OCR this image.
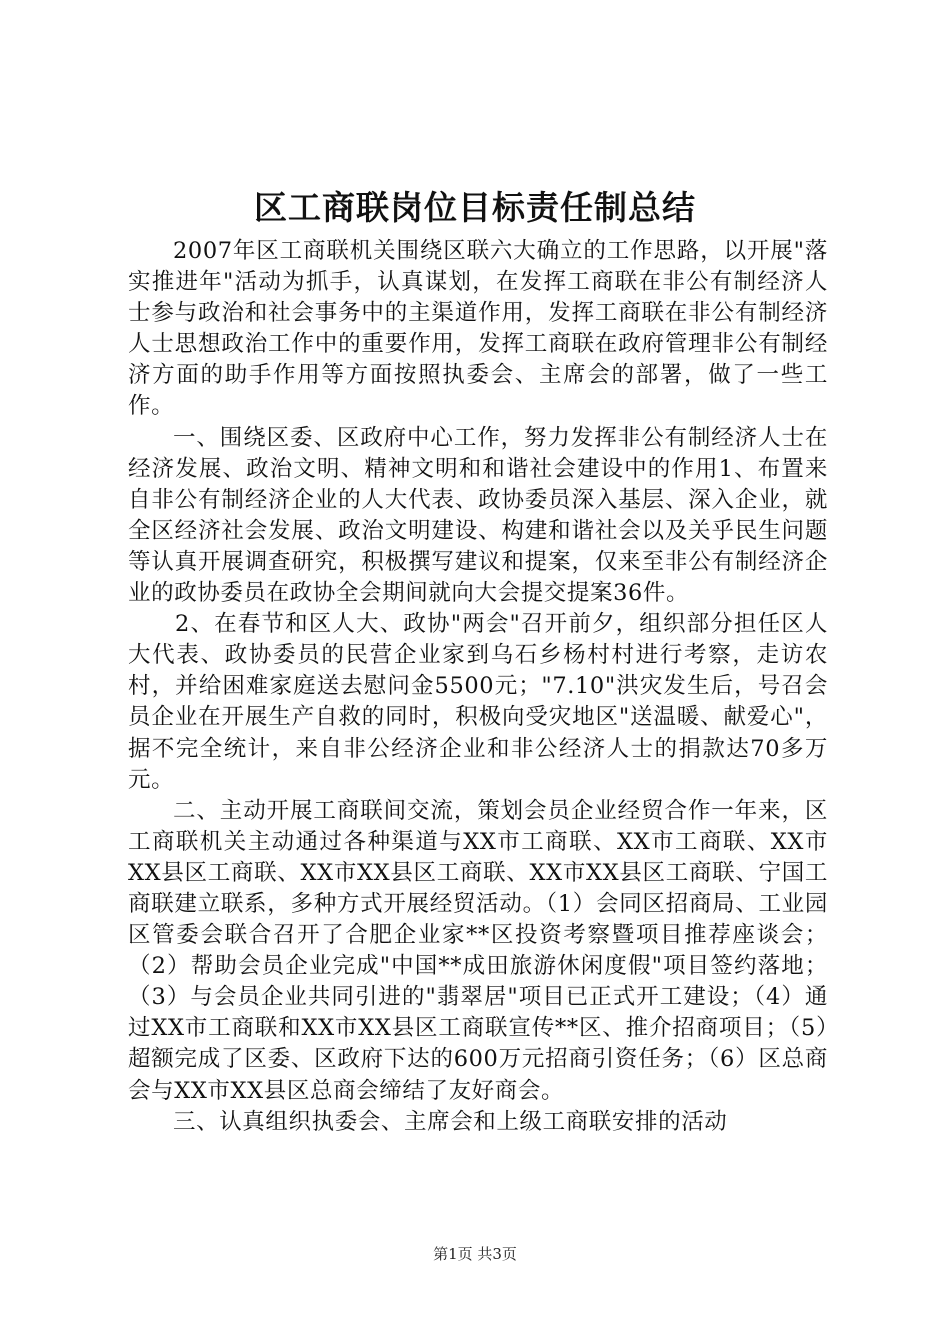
区工商联岗位目标责任制总结

2007年区工商联机关围绕区联六大确立的工作思路，以开展"落实推进年"活动为抓手，认真谋划，在发挥工商联在非公有制经济人士参与政治和社会事务中的主渠道作用，发挥工商联在非公有制经济人士思想政治工作中的重要作用，发挥工商联在政府管理非公有制经济方面的助手作用等方面按照执委会、主席会的部署，做了一些工作。

一、围绕区委、区政府中心工作，努力发挥非公有制经济人士在经济发展、政治文明、精神文明和和谐社会建设中的作用1、布置来自非公有制经济企业的人大代表、政协委员深入基层、深入企业，就全区经济社会发展、政治文明建设、构建和谐社会以及关乎民生问题等认真开展调查研究，积极撰写建议和提案，仅来至非公有制经济企业的政协委员在政协全会期间就向大会提交提案36件。

2、在春节和区人大、政协"两会"召开前夕，组织部分担任区人大代表、政协委员的民营企业家到乌石乡杨村村进行考察，走访农村，并给困难家庭送去慰问金5500元；"7.10"洪灾发生后，号召会员企业在开展生产自救的同时，积极向受灾地区"送温暖、献爱心"，据不完全统计，来自非公经济企业和非公经济人士的捐款达70多万元。

二、主动开展工商联间交流，策划会员企业经贸合作一年来，区工商联机关主动通过各种渠道与XX市工商联、XX市工商联、XX市XX县区工商联、XX市XX县区工商联、XX市XX县区工商联、宁国工商联建立联系，多种方式开展经贸活动。（1）会同区招商局、工业园区管委会联合召开了合肥企业家**区投资考察暨项目推荐座谈会；（2）帮助会员企业完成"中国**成田旅游休闲度假"项目签约落地；（3）与会员企业共同引进的"翡翠居"项目已正式开工建设；（4）通过XX市工商联和XX市XX县区工商联宣传**区、推介招商项目；（5）超额完成了区委、区政府下达的600万元招商引资任务；（6）区总商会与XX市XX县区总商会缔结了友好商会。

三、认真组织执委会、主席会和上级工商联安排的活动

第1页 共3页
